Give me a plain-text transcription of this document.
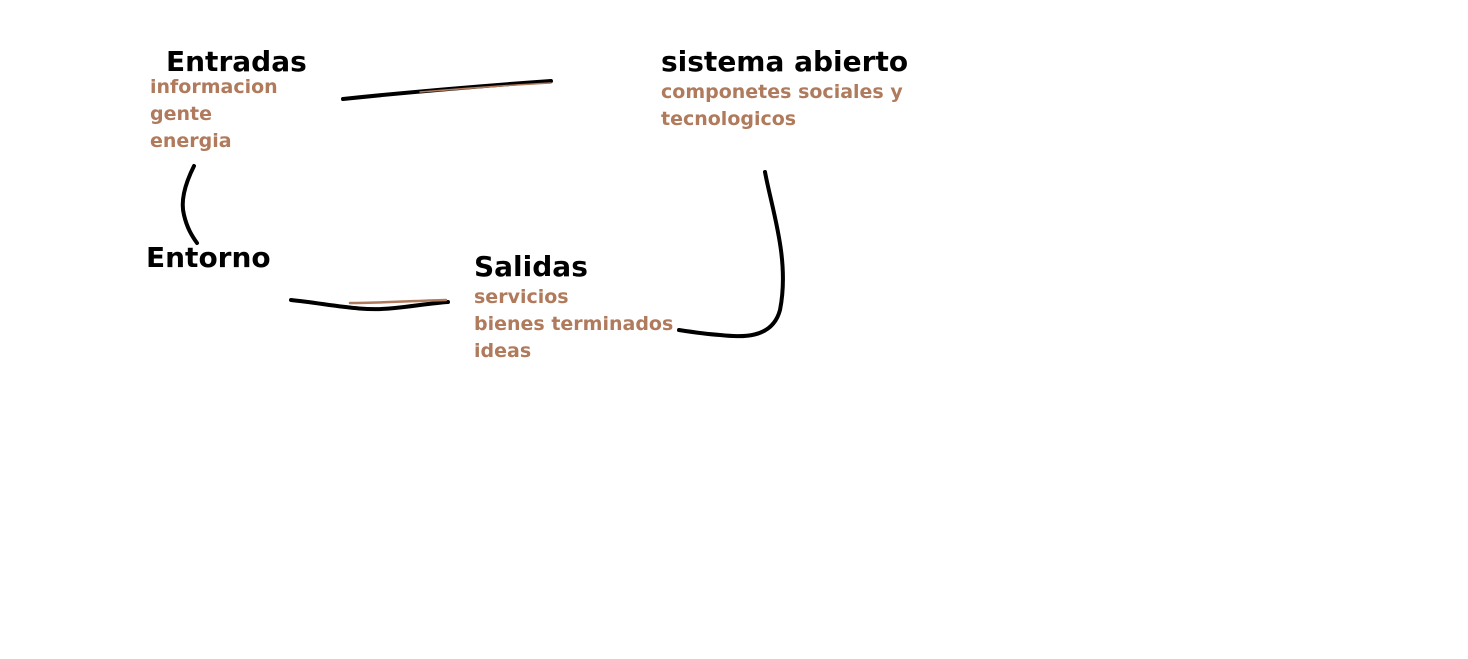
Entradas
informacion
gente
energia
sistema abierto
componetes sociales y
tecnologicos
Entorno	Salidas
servicios
bienes terminados
ideas
